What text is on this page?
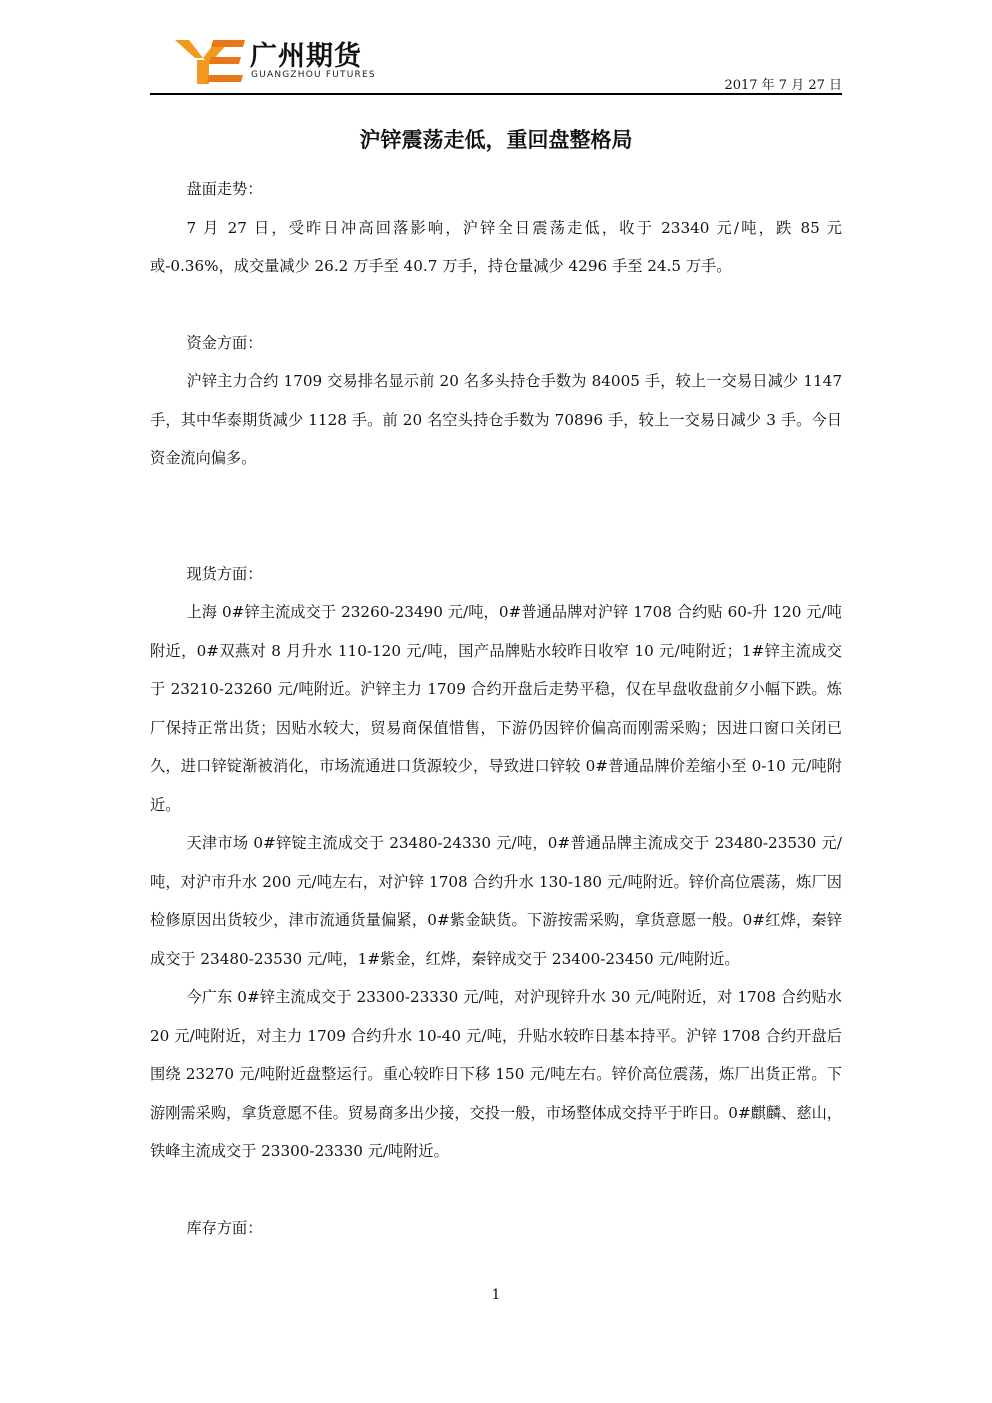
广州期货
GUANGZHOU FUTURES
2017 年 7 月 27 日
沪锌震荡走低，重回盘整格局

盘面走势：

7 月 27 日，受昨日冲高回落影响，沪锌全日震荡走低，收于 23340 元/吨，跌 85 元或-0.36%，成交量减少 26.2 万手至 40.7 万手，持仓量减少 4296 手至 24.5 万手。

资金方面：

沪锌主力合约 1709 交易排名显示前 20 名多头持仓手数为 84005 手，较上一交易日减少 1147 手，其中华泰期货减少 1128 手。前 20 名空头持仓手数为 70896 手，较上一交易日减少 3 手。今日资金流向偏多。

现货方面：

上海 0#锌主流成交于 23260-23490 元/吨，0#普通品牌对沪锌 1708 合约贴 60-升 120 元/吨附近，0#双燕对 8 月升水 110-120 元/吨，国产品牌贴水较昨日收窄 10 元/吨附近；1#锌主流成交于 23210-23260 元/吨附近。沪锌主力 1709 合约开盘后走势平稳，仅在早盘收盘前夕小幅下跌。炼厂保持正常出货；因贴水较大，贸易商保值惜售，下游仍因锌价偏高而刚需采购；因进口窗口关闭已久，进口锌锭渐被消化，市场流通进口货源较少，导致进口锌较 0#普通品牌价差缩小至 0-10 元/吨附近。

天津市场 0#锌锭主流成交于 23480-24330 元/吨，0#普通品牌主流成交于 23480-23530 元/吨，对沪市升水 200 元/吨左右，对沪锌 1708 合约升水 130-180 元/吨附近。锌价高位震荡，炼厂因检修原因出货较少，津市流通货量偏紧，0#紫金缺货。下游按需采购，拿货意愿一般。0#红烨，秦锌成交于 23480-23530 元/吨，1#紫金，红烨，秦锌成交于 23400-23450 元/吨附近。

今广东 0#锌主流成交于 23300-23330 元/吨，对沪现锌升水 30 元/吨附近，对 1708 合约贴水 20 元/吨附近，对主力 1709 合约升水 10-40 元/吨，升贴水较昨日基本持平。沪锌 1708 合约开盘后围绕 23270 元/吨附近盘整运行。重心较昨日下移 150 元/吨左右。锌价高位震荡，炼厂出货正常。下游刚需采购，拿货意愿不佳。贸易商多出少接，交投一般，市场整体成交持平于昨日。0#麒麟、慈山，铁峰主流成交于 23300-23330 元/吨附近。

库存方面：

1
